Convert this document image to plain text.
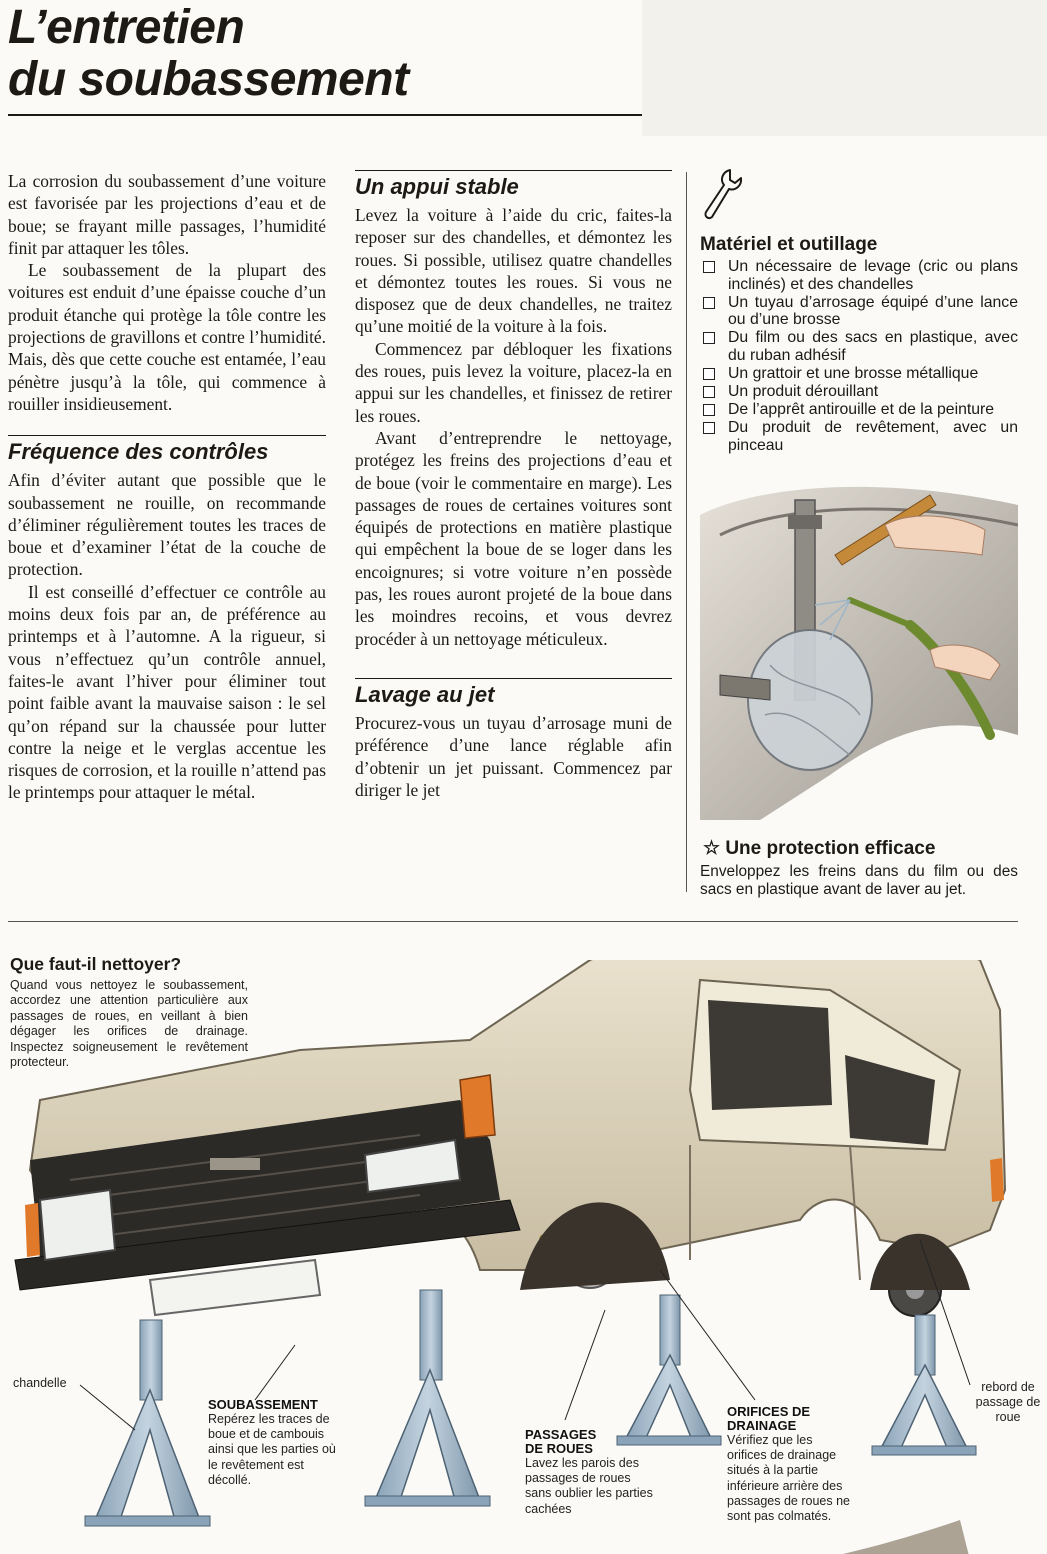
L’entretien
du soubassement

La corrosion du soubassement d’une voiture est favorisée par les projections d’eau et de boue; se frayant mille passages, l’humidité finit par attaquer les tôles.

Le soubassement de la plupart des voitures est enduit d’une épaisse couche d’un produit étanche qui protège la tôle contre les projections de gravillons et contre l’humidité. Mais, dès que cette couche est entamée, l’eau pénètre jusqu’à la tôle, qui commence à rouiller insidieusement.

Fréquence des contrôles

Afin d’éviter autant que possible que le soubassement ne rouille, on recommande d’éliminer régulièrement toutes les traces de boue et d’examiner l’état de la couche de protection.

Il est conseillé d’effectuer ce contrôle au moins deux fois par an, de préférence au printemps et à l’automne. A la rigueur, si vous n’effectuez qu’un contrôle annuel, faites-le avant l’hiver pour éliminer tout point faible avant la mauvaise saison : le sel qu’on répand sur la chaussée pour lutter contre la neige et le verglas accentue les risques de corrosion, et la rouille n’attend pas le printemps pour attaquer le métal.

Un appui stable

Levez la voiture à l’aide du cric, faites-la reposer sur des chandelles, et démontez les roues. Si possible, utilisez quatre chandelles et démontez toutes les roues. Si vous ne disposez que de deux chandelles, ne traitez qu’une moitié de la voiture à la fois.

Commencez par débloquer les fixations des roues, puis levez la voiture, placez-la en appui sur les chandelles, et finissez de retirer les roues.

Avant d’entreprendre le nettoyage, protégez les freins des projections d’eau et de boue (voir le commentaire en marge). Les passages de roues de certaines voitures sont équipés de protections en matière plastique qui empêchent la boue de se loger dans les encoignures; si votre voiture n’en possède pas, les roues auront projeté de la boue dans les moindres recoins, et vous devrez procéder à un nettoyage méticuleux.

Lavage au jet

Procurez-vous un tuyau d’arrosage muni de préférence d’une lance réglable afin d’obtenir un jet puissant. Commencez par diriger le jet

Matériel et outillage
Un nécessaire de levage (cric ou plans inclinés) et des chandelles
Un tuyau d’arrosage équipé d’une lance ou d’une brosse
Du film ou des sacs en plastique, avec du ruban adhésif
Un grattoir et une brosse métallique
Un produit dérouillant
De l’apprêt antirouille et de la peinture
Du produit de revêtement, avec un pinceau
☆ Une protection efficace
Enveloppez les freins dans du film ou des sacs en plastique avant de laver au jet.
Que faut-il nettoyer?
Quand vous nettoyez le soubassement, accordez une attention particulière aux passages de roues, en veillant à bien dégager les orifices de drainage. Inspectez soigneusement le revêtement protecteur.
chandelle
SOUBASSEMENT
Repérez les traces de boue et de cambouis ainsi que les parties où le revêtement est décollé.
PASSAGES DE ROUES
Lavez les parois des passages de roues sans oublier les parties cachées
ORIFICES DE DRAINAGE
Vérifiez que les orifices de drainage situés à la partie inférieure arrière des passages de roues ne sont pas colmatés.
rebord de passage de roue
